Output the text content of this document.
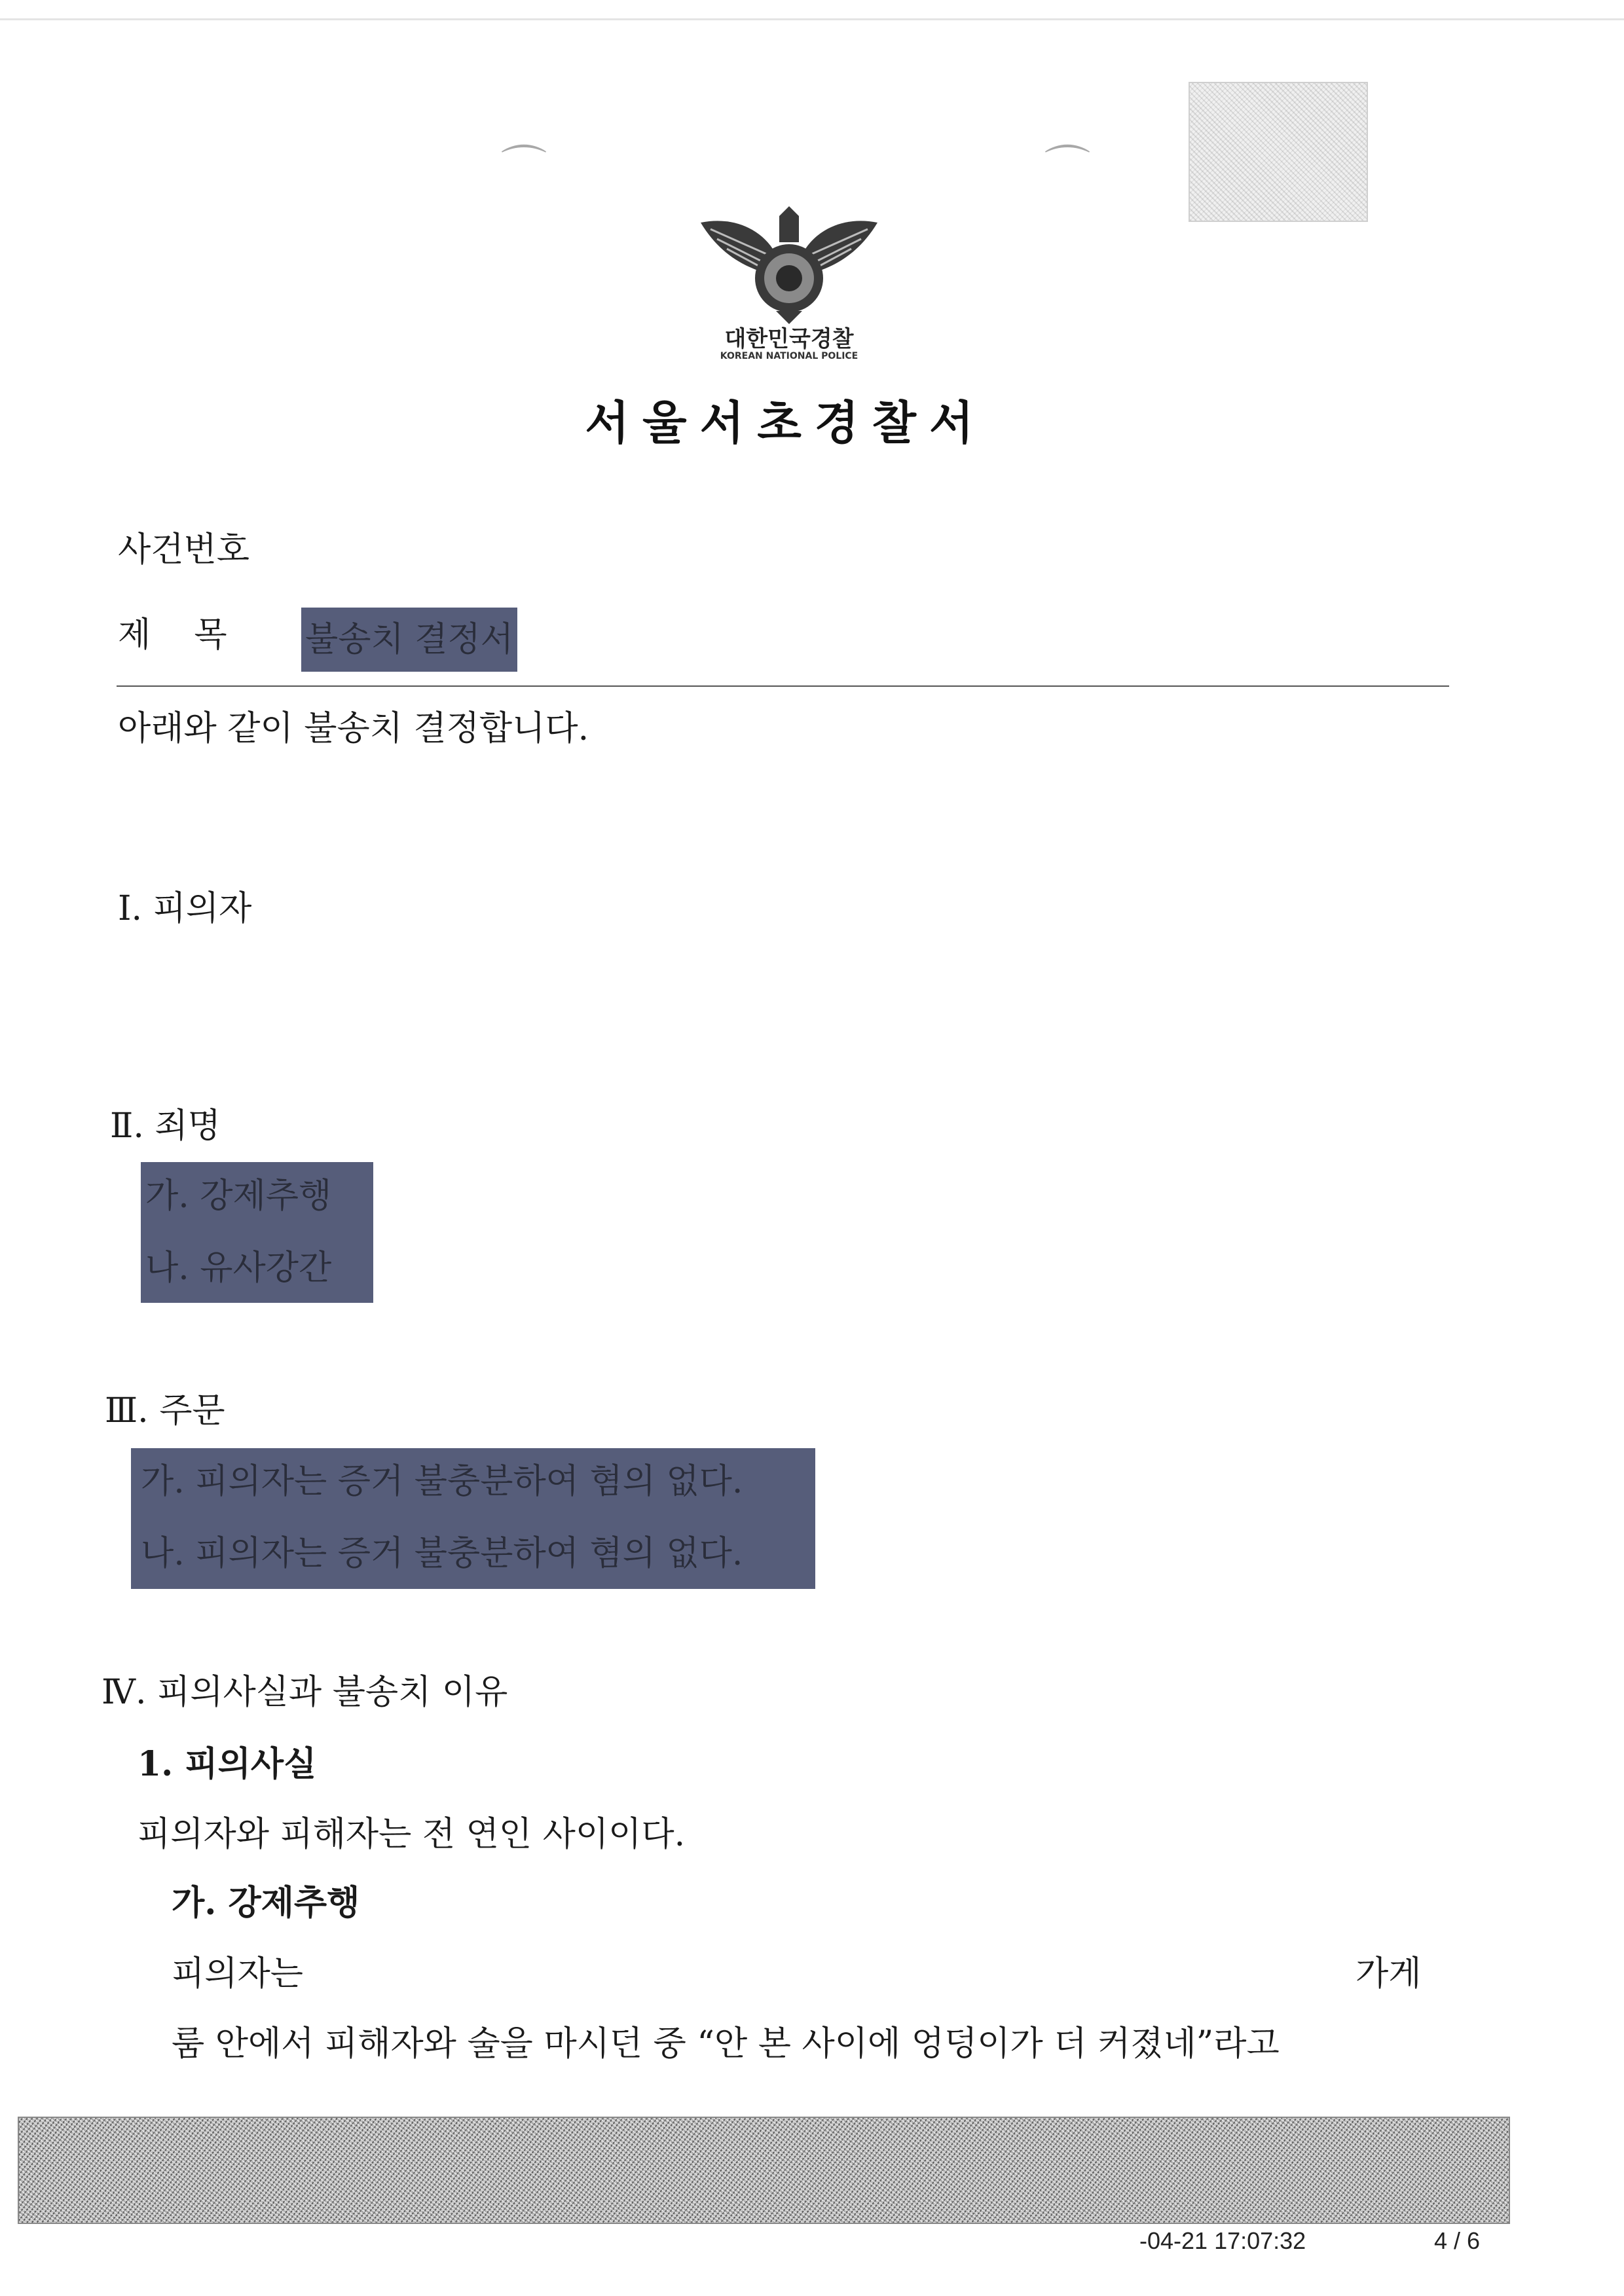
⌒	⌒
대한민국경찰
KOREAN NATIONAL POLICE
서울서초경찰서
사건번호
제    목 불송치 결정서
아래와 같이 불송치 결정합니다.
Ⅰ. 피의자
Ⅱ. 죄명
가. 강제추행
나. 유사강간
Ⅲ. 주문
가. 피의자는 증거 불충분하여 혐의 없다.
나. 피의자는 증거 불충분하여 혐의 없다.
Ⅳ. 피의사실과 불송치 이유
1. 피의사실
피의자와 피해자는 전 연인 사이이다.
가. 강제추행
피의자는	가게
룸 안에서 피해자와 술을 마시던 중 “안 본 사이에 엉덩이가 더 커졌네”라고
-04-21 17:07:32	4 / 6
